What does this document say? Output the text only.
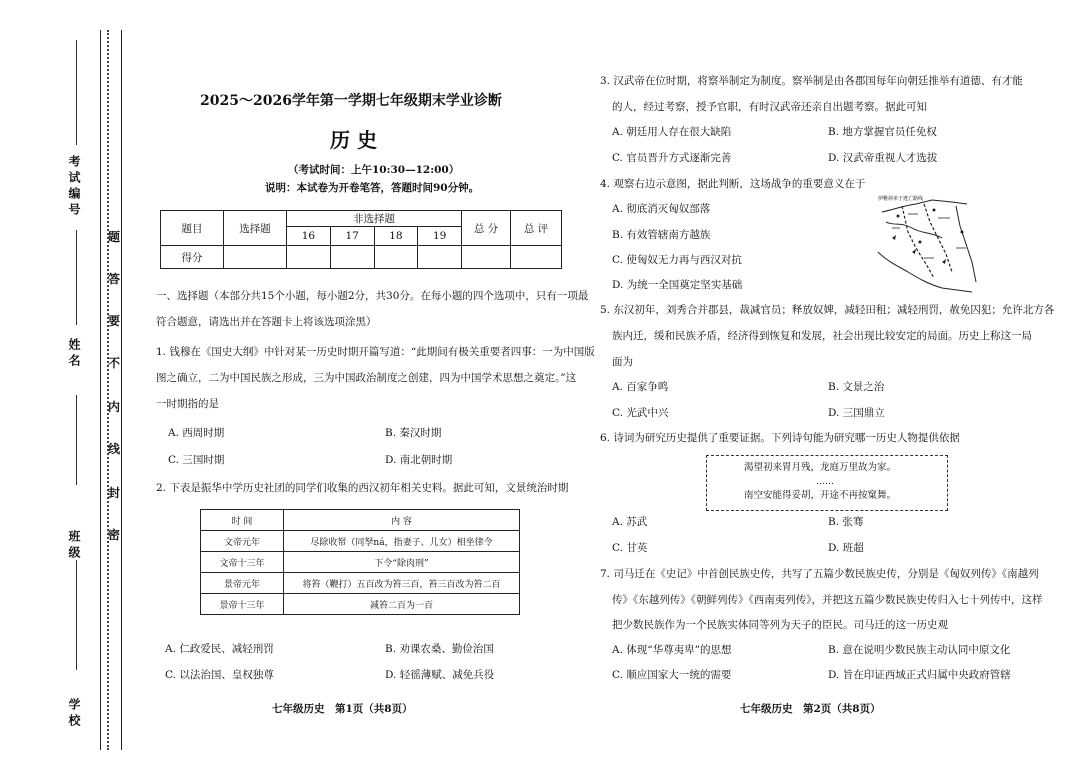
考试编号
姓名
班级
学校
题
答
要
不
内
线
封
密
2025～2026学年第一学期七年级期末学业诊断
历 史
（考试时间：上午10:30—12:00）
说明：本试卷为开卷笔答，答题时间90分钟。
题目	选择题	非选择题				总 分	总 评
		16	17	18	19		
得分							
一、选择题（本部分共15个小题，每小题2分，共30分。在每小题的四个选项中，只有一项最
符合题意，请选出并在答题卡上将该选项涂黑）
1. 钱穆在《国史大纲》中针对某一历史时期开篇写道：“此期间有极关重要者四事：一为中国版
图之确立，二为中国民族之形成，三为中国政治制度之创建，四为中国学术思想之奠定。”这
一时期指的是
A. 西周时期	B. 秦汉时期
C. 三国时期	D. 南北朝时期
2. 下表是振华中学历史社团的同学们收集的西汉初年相关史料。据此可知，文景统治时期
时 间	内 容
文帝元年	尽除收帑（同孥ná，指妻子、儿女）相坐律令
文帝十三年	下令“除肉刑”
景帝元年	将笞（鞭打）五百改为笞三百，笞三百改为笞二百
景帝十三年	减笞二百为一百
A. 仁政爱民、减轻刑罚	B. 劝课农桑、勤俭治国
C. 以法治国、皇权独尊	D. 轻徭薄赋、减免兵役
七年级历史　第1页（共8页）
3. 汉武帝在位时期，将察举制定为制度。察举制是由各郡国每年向朝廷推举有道德、有才能
的人，经过考察，授予官职，有时汉武帝还亲自出题考察。据此可知
A. 朝廷用人存在很大缺陷	B. 地方掌握官员任免权
C. 官员晋升方式逐渐完善	D. 汉武帝重视人才选拔
4. 观察右边示意图，据此判断，这场战争的重要意义在于
A. 彻底消灭匈奴部落
B. 有效管辖南方越族
C. 使匈奴无力再与西汉对抗
D. 为统一全国奠定坚实基础
伊稚斜单于逃亡路线
5. 东汉初年，刘秀合并郡县，裁减官员；释放奴婢，减轻田租；减轻刑罚，赦免囚犯；允许北方各
族内迁，缓和民族矛盾，经济得到恢复和发展，社会出现比较安定的局面。历史上称这一局
面为
A. 百家争鸣	B. 文景之治
C. 光武中兴	D. 三国鼎立
6. 诗词为研究历史提供了重要证据。下列诗句能为研究哪一历史人物提供依据
渴望初来胃月残，龙庭万里故为家。
……
南空安能得妥胡，开途不再按窠舞。
A. 苏武	B. 张骞
C. 甘英	D. 班超
7. 司马迁在《史记》中首创民族史传，共写了五篇少数民族史传，分别是《匈奴列传》《南越列
传》《东越列传》《朝鲜列传》《西南夷列传》，并把这五篇少数民族史传归入七十列传中，这样
把少数民族作为一个民族实体同等列为天子的臣民。司马迁的这一历史观
A. 体现“华尊夷卑”的思想	B. 意在说明少数民族主动认同中原文化
C. 顺应国家大一统的需要	D. 旨在印证西域正式归属中央政府管辖
七年级历史　第2页（共8页）
